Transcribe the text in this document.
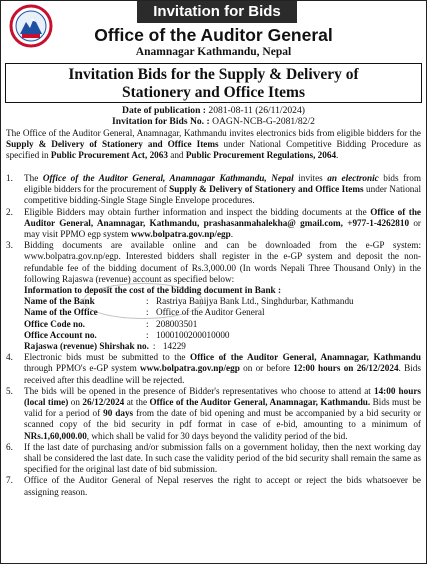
Invitation for Bids
Office of the Auditor General
Anamnagar Kathmandu, Nepal
Invitation Bids for the Supply & Delivery of
Stationery and Office Items
Date of publication : 2081-08-11 (26/11/2024)
Invitation for Bids No. : OAGN-NCB-G-2081/82/2

The Office of the Auditor General, Anamnagar, Kathmandu invites electronics bids from eligible bidders for the Supply & Delivery of Stationery and Office Items under National Competitive Bidding Procedure as specified in Public Procurement Act, 2063 and Public Procurement Regulations, 2064.

1.	The Office of the Auditor General, Anamnagar Kathmandu, Nepal invites an electronic bids from eligible bidders for the procurement of Supply & Delivery of Stationery and Office Items under National competitive bidding-Single Stage Single Envelope procedures.
2.	Eligible Bidders may obtain further information and inspect the bidding documents at the Office of the Auditor General, Anamnagar, Kathmandu, prashasanmahalekha@ gmail.com, +977-1-4262810 or may visit PPMO egp system www.bolpatra.gov.np/egp.
3.	Bidding documents are available online and can be downloaded from the e-GP system: www.bolpatra.gov.np/egp. Interested bidders shall register in the e-GP system and deposit the non-refundable fee of the bidding document of Rs.3,000.00 (In words Nepali Three Thousand Only) in the following Rajaswa (revenue) account as specified below:
Information to deposit the cost of the bidding document in Bank :
Name of the Bank	: Rastriya Banijya Bank Ltd., Singhdurbar, Kathmandu
Name of the Office	: Office of the Auditor General
Office Code no.	: 208003501
Office Account no.	: 1000100200010000
Rajaswa (revenue) Shirshak no. : 14229
4.	Electronic bids must be submitted to the Office of the Auditor General, Anamnagar, Kathmandu through PPMO's e-GP system www.bolpatra.gov.np/egp on or before 12:00 hours on 26/12/2024. Bids received after this deadline will be rejected.
5.	The bids will be opened in the presence of Bidder's representatives who choose to attend at 14:00 hours (local time) on 26/12/2024 at the Office of the Auditor General, Anamnagar, Kathmandu. Bids must be valid for a period of 90 days from the date of bid opening and must be accompanied by a bid security or scanned copy of the bid security in pdf format in case of e-bid, amounting to a minimum of NRs.1,60,000.00, which shall be valid for 30 days beyond the validity period of the bid.
6.	If the last date of purchasing and/or submission falls on a government holiday, then the next working day shall be considered the last date. In such case the validity period of the bid security shall remain the same as specified for the original last date of bid submission.
7.	Office of the Auditor General of Nepal reserves the right to accept or reject the bids whatsoever be assigning reason.
